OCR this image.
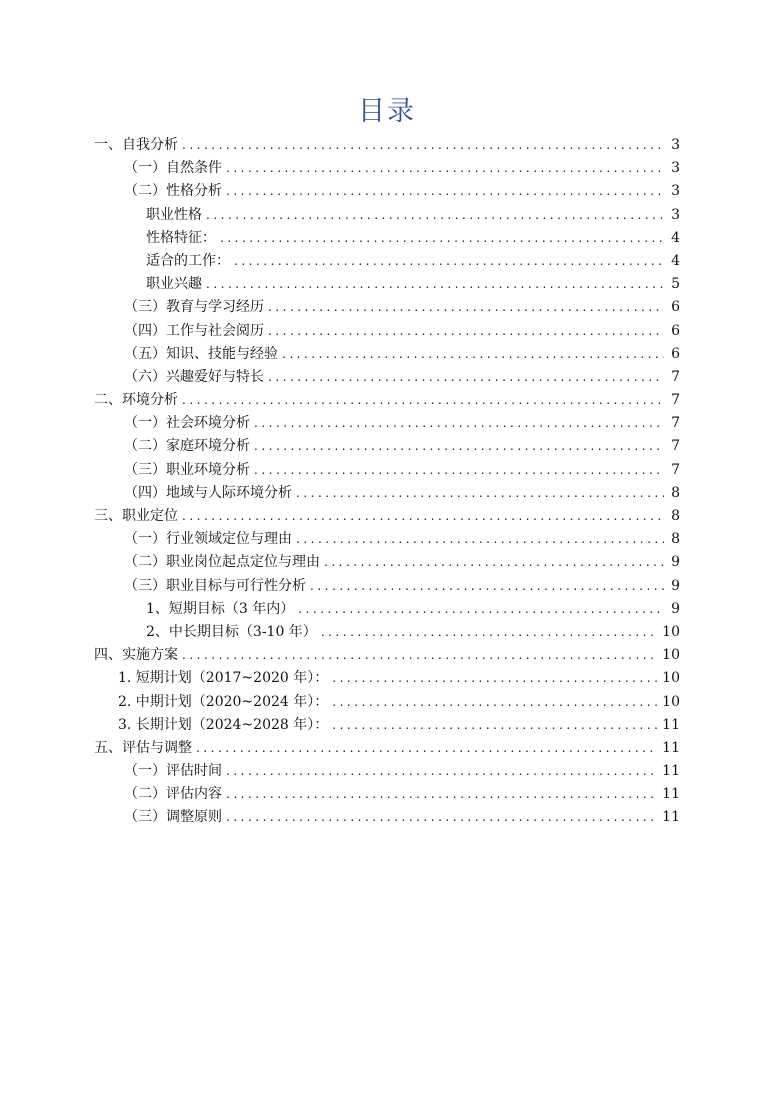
目录
一、自我分析 .....	3
（一）自然条件 .....	3
（二）性格分析 .....	3
职业性格 .....	3
性格特征： .....	4
适合的工作： .....	4
职业兴趣 .....	5
（三）教育与学习经历 .....	6
（四）工作与社会阅历 .....	6
（五）知识、技能与经验 .....	6
（六）兴趣爱好与特长 .....	7
二、环境分析 .....	7
（一）社会环境分析 .....	7
（二）家庭环境分析 .....	7
（三）职业环境分析 .....	7
（四）地域与人际环境分析 .....	8
三、职业定位 .....	8
（一）行业领域定位与理由 .....	8
（二）职业岗位起点定位与理由 .....	9
（三）职业目标与可行性分析 .....	9
1、短期目标（3 年内） .....	9
2、中长期目标（3-10 年） .....	10
四、实施方案 .....	10
1. 短期计划（2017~2020 年）： .....	10
2. 中期计划（2020~2024 年）： .....	10
3. 长期计划（2024~2028 年）： .....	11
五、评估与调整 .....	11
（一）评估时间 .....	11
（二）评估内容 .....	11
（三）调整原则 .....	11
